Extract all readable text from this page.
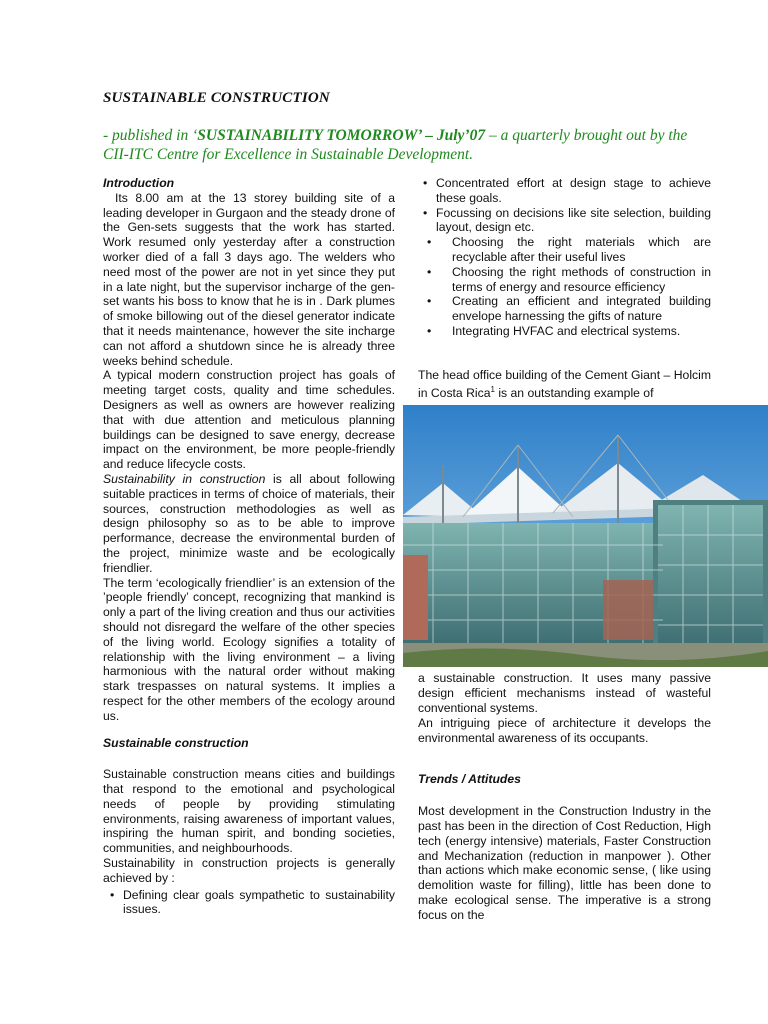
SUSTAINABLE CONSTRUCTION
- published in ‘SUSTAINABILITY TOMORROW’ – July’07 – a quarterly brought out by the CII-ITC Centre for Excellence in Sustainable Development.

Introduction

Its 8.00 am at the 13 storey building site of a leading developer in Gurgaon and the steady drone of the Gen-sets suggests that the work has started. Work resumed only yesterday after a construction worker died of a fall 3 days ago. The welders who need most of the power are not in yet since they put in a late night, but the supervisor incharge of the gen-set wants his boss to know that he is in . Dark plumes of smoke billowing out of the diesel generator indicate that it needs maintenance, however the site incharge can not afford a shutdown since he is already three weeks behind schedule.

A typical modern construction project has goals of meeting target costs, quality and time schedules. Designers as well as owners are however realizing that with due attention and meticulous planning buildings can be designed to save energy, decrease impact on the environment, be more people-friendly and reduce lifecycle costs.

Sustainability in construction is all about following suitable practices in terms of choice of materials, their sources, construction methodologies as well as design philosophy so as to be able to improve performance, decrease the environmental burden of the project, minimize waste and be ecologically friendlier.

The term ‘ecologically friendlier’ is an extension of the ’people friendly’ concept, recognizing that mankind is only a part of the living creation and thus our activities should not disregard the welfare of the other species of the living world. Ecology signifies a totality of relationship with the living environment – a living harmonious with the natural order without making stark trespasses on natural systems. It implies a respect for the other members of the ecology around us.

Sustainable construction

Sustainable construction means cities and buildings that respond to the emotional and psychological needs of people by providing stimulating environments, raising awareness of important values, inspiring the human spirit, and bonding societies, communities, and neighbourhoods.

Sustainability in construction projects is generally achieved by :

• Defining clear goals sympathetic to sustainability issues.
• Concentrated effort at design stage to achieve these goals.
• Focussing on decisions like site selection, building layout, design etc.
• Choosing the right materials which are recyclable after their useful lives
• Choosing the right methods of construction in terms of energy and resource efficiency
• Creating an efficient and integrated building envelope harnessing the gifts of nature
• Integrating HVFAC and electrical systems.

The head office building of the Cement Giant – Holcim in Costa Rica$^1$ is an outstanding example of

a sustainable construction. It uses many passive design efficient mechanisms instead of wasteful conventional systems.

An intriguing piece of architecture it develops the environmental awareness of its occupants.

Trends / Attitudes

Most development in the Construction Industry in the past has been in the direction of Cost Reduction, High tech (energy intensive) materials, Faster Construction and Mechanization (reduction in manpower ). Other than actions which make economic sense, ( like using demolition waste for filling), little has been done to make ecological sense. The imperative is a strong focus on the
